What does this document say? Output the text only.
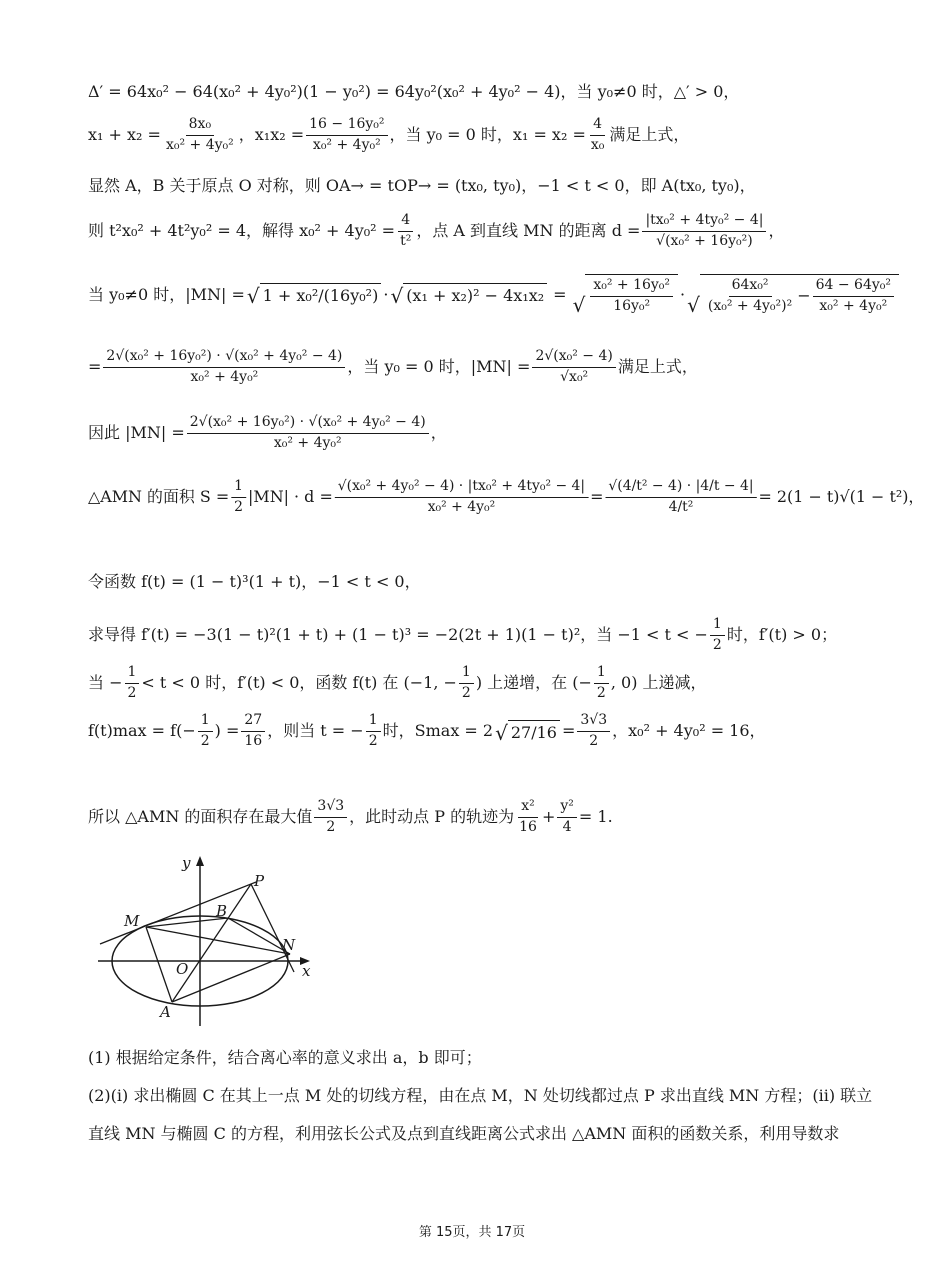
Δ′ = 64x₀² − 64(x₀² + 4y₀²)(1 − y₀²) = 64y₀²(x₀² + 4y₀² − 4)，当 y₀≠0 时，△′ > 0，
$x_1 + x_2 = \frac{\text{8x₀}}{\text{x₀² + 4y₀²}}$ ，$x_1x_2 = \frac{\text{16 − 16y₀²}}{\text{x₀² + 4y₀²}}$ ，当 y₀ = 0 时，$x_1 = x_2 = \frac{4}{\text{x₀}}$ 满足上式，
显然 A，B 关于原点 O 对称，则 OA→ = tOP→ = (tx₀, ty₀)，−1 < t < 0，即 A(tx₀, ty₀)，
则 t²x₀² + 4t²y₀² = 4，解得 $x_0^2 + 4y_0^2 = \frac{4}{\text{t²}}$ ，点 A 到直线 MN 的距离 $d = \frac{\text{|tx₀² + 4ty₀² − 4|}}{\text{√(x₀² + 16y₀²)}}$ ，
当 y₀≠0 时，|MN| = √ 1 + x₀²/(16y₀²) · √ (x₁ + x₂)² − 4x₁x₂ = √ $\frac{\text{x₀² + 16y₀²}}{\text{16y₀²}}$ · √ $\frac{\text{64x₀²}}{\text{(x₀² + 4y₀²)²}} - \frac{\text{64 − 64y₀²}}{\text{x₀² + 4y₀²}}$
= $\frac{\text{2√(x₀² + 16y₀²) · √(x₀² + 4y₀² − 4)}}{\text{x₀² + 4y₀²}}$ ，当 y₀ = 0 时，$|MN| = \frac{\text{2√(x₀² − 4)}}{\text{√x₀²}}$ 满足上式，
因此 $|MN| = \frac{\text{2√(x₀² + 16y₀²) · √(x₀² + 4y₀² − 4)}}{\text{x₀² + 4y₀²}}$ ，
△AMN 的面积 $S = \frac{1}{2} |MN| \cdot d = \frac{\text{√(x₀² + 4y₀² − 4) · |tx₀² + 4ty₀² − 4|}}{\text{x₀² + 4y₀²}} = \frac{\text{√(4/t² − 4) · |4/t − 4|}}{\text{4/t²}} = 2(1 - t)√(1 - t^2)$，
令函数 f(t) = (1 − t)³(1 + t)，−1 < t < 0，
求导得 f′(t) = −3(1 − t)²(1 + t) + (1 − t)³ = −2(2t + 1)(1 − t)²，当 −1 < t < − $\frac{1}{2}$ 时，f′(t) > 0；
当 − $\frac{1}{2} < t < 0$ 时，f′(t) < 0，函数 f(t) 在 (−1, − $\frac{1}{2}$ ) 上递增，在 (− $\frac{1}{2}$ , 0) 上递减，
$f(t)\max = f(- \frac{1}{2}$ ) = $\frac{27}{16}$ ，则当 t = − $\frac{1}{2}$ 时，Smax = 2 √ $27/16 = \frac{3√3}{2}$ ，x₀² + 4y₀² = 16，
所以 △AMN 的面积存在最大值 $\frac{3√3}{2}$ ，此时动点 P 的轨迹为 $\frac{\text{x²}}{16} + \frac{\text{y²}}{4} = 1$.
y
x
P
M
B
N
O
A
(1) 根据给定条件，结合离心率的意义求出 a，b 即可；
(2)(i) 求出椭圆 C 在其上一点 M 处的切线方程，由在点 M，N 处切线都过点 P 求出直线 MN 方程；(ii) 联立
直线 MN 与椭圆 C 的方程，利用弦长公式及点到直线距离公式求出 △AMN 面积的函数关系，利用导数求
第 15页，共 17页
